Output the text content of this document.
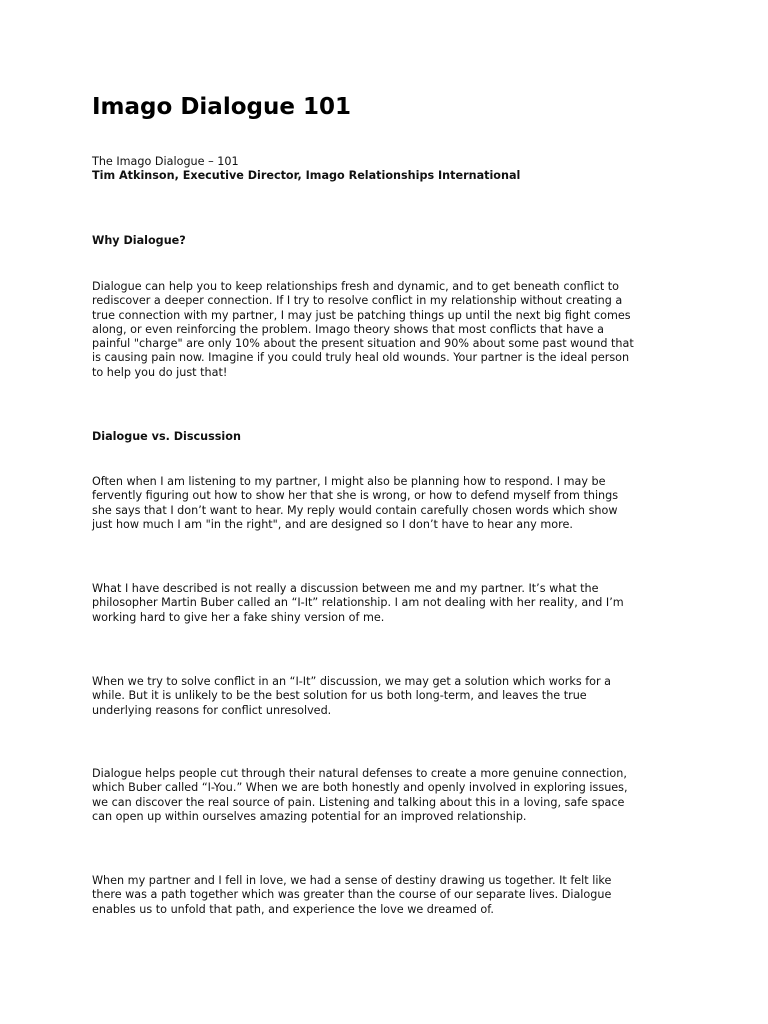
Imago Dialogue 101
The Imago Dialogue – 101
Tim Atkinson, Executive Director, Imago Relationships International
Why Dialogue?
Dialogue can help you to keep relationships fresh and dynamic, and to get beneath conflict to
rediscover a deeper connection. If I try to resolve conflict in my relationship without creating a
true connection with my partner, I may just be patching things up until the next big fight comes
along, or even reinforcing the problem. Imago theory shows that most conflicts that have a
painful "charge" are only 10% about the present situation and 90% about some past wound that
is causing pain now. Imagine if you could truly heal old wounds. Your partner is the ideal person
to help you do just that!
Dialogue vs. Discussion
Often when I am listening to my partner, I might also be planning how to respond. I may be
fervently figuring out how to show her that she is wrong, or how to defend myself from things
she says that I don’t want to hear. My reply would contain carefully chosen words which show
just how much I am "in the right", and are designed so I don’t have to hear any more.
What I have described is not really a discussion between me and my partner. It’s what the
philosopher Martin Buber called an “I-It” relationship. I am not dealing with her reality, and I’m
working hard to give her a fake shiny version of me.
When we try to solve conflict in an “I-It” discussion, we may get a solution which works for a
while. But it is unlikely to be the best solution for us both long-term, and leaves the true
underlying reasons for conflict unresolved.
Dialogue helps people cut through their natural defenses to create a more genuine connection,
which Buber called “I-You.” When we are both honestly and openly involved in exploring issues,
we can discover the real source of pain. Listening and talking about this in a loving, safe space
can open up within ourselves amazing potential for an improved relationship.
When my partner and I fell in love, we had a sense of destiny drawing us together. It felt like
there was a path together which was greater than the course of our separate lives. Dialogue
enables us to unfold that path, and experience the love we dreamed of.
